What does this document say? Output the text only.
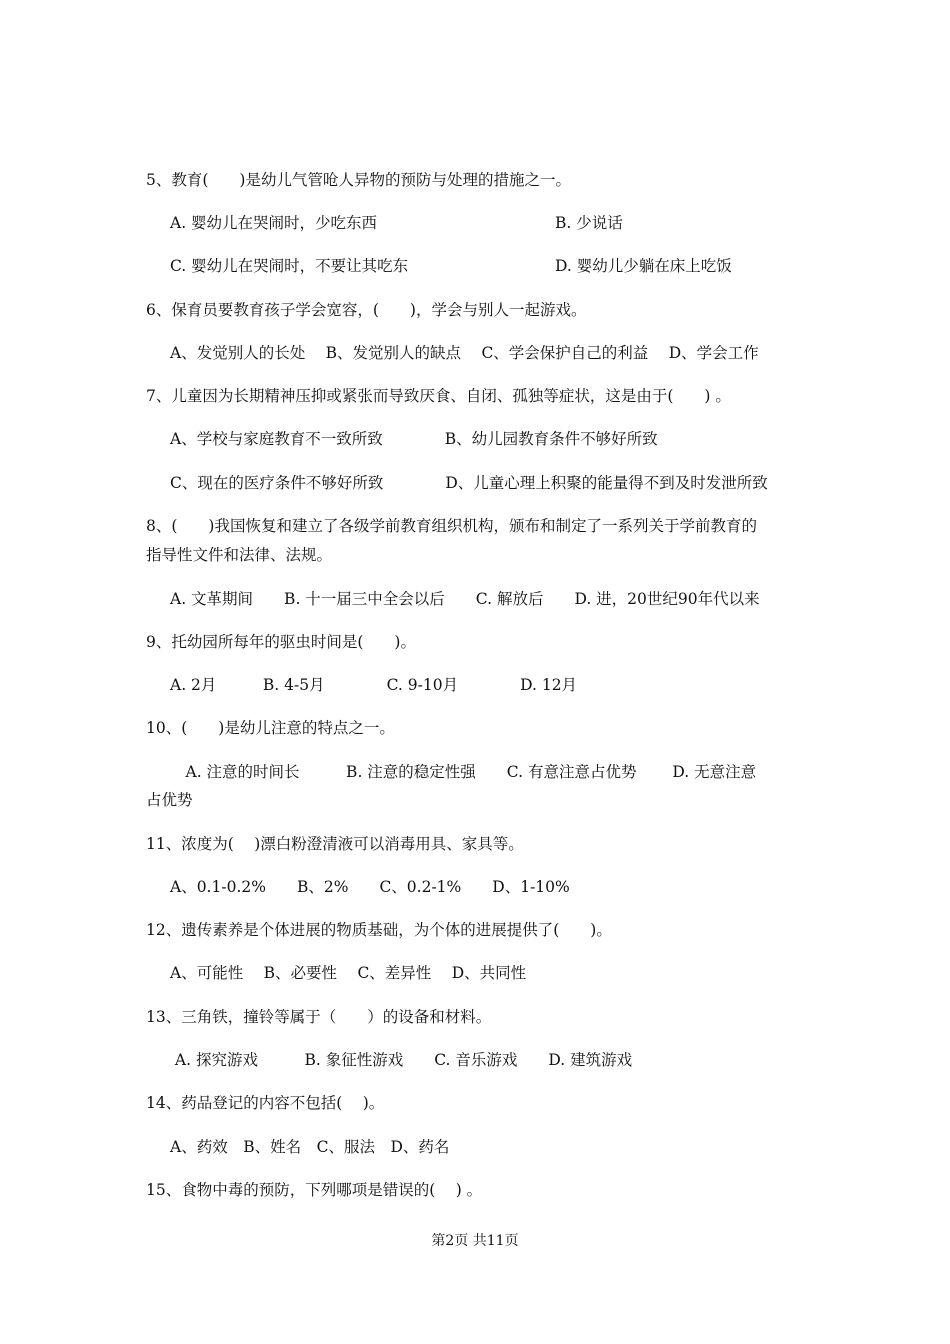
5、教育(　　)是幼儿气管呛人异物的预防与处理的措施之一。
A. 婴幼儿在哭闹时，少吃东西	B. 少说话
C. 婴幼儿在哭闹时，不要让其吃东	D. 婴幼儿少躺在床上吃饭
6、保育员要教育孩子学会宽容，(　　)，学会与别人一起游戏。
A、发觉别人的长处　 B、发觉别人的缺点　 C、学会保护自己的利益　 D、学会工作
7、儿童因为长期精神压抑或紧张而导致厌食、自闭、孤独等症状，这是由于(　　) 。
A、学校与家庭教育不一致所致　　　　B、幼儿园教育条件不够好所致
C、现在的医疗条件不够好所致　　　　D、儿童心理上积聚的能量得不到及时发泄所致
8、(　　)我国恢复和建立了各级学前教育组织机构，颁布和制定了一系列关于学前教育的
指导性文件和法律、法规。
A. 文革期间　　B. 十一届三中全会以后　　C. 解放后　　D. 进，20世纪90年代以来
9、托幼园所每年的驱虫时间是(　　)。
A. 2月　　　B. 4-5月　　　　C. 9-10月　　　　D. 12月
10、(　　)是幼儿注意的特点之一。
　A. 注意的时间长　　　B. 注意的稳定性强　　C. 有意注意占优势　　 D. 无意注意
占优势
11、浓度为(　 )漂白粉澄清液可以消毒用具、家具等。
A、0.1-0.2%　　B、2%　　C、0.2-1%　　D、1-10%
12、遗传素养是个体进展的物质基础，为个体的进展提供了(　　)。
A、可能性　 B、必要性　 C、差异性　 D、共同性
13、三角铁，撞铃等属于（　　）的设备和材料。
A. 探究游戏　　　B. 象征性游戏　　C. 音乐游戏　　D. 建筑游戏
14、药品登记的内容不包括(　 )。
A、药效　B、姓名　C、服法　D、药名
15、食物中毒的预防，下列哪项是错误的(　 ) 。
第2页 共11页
